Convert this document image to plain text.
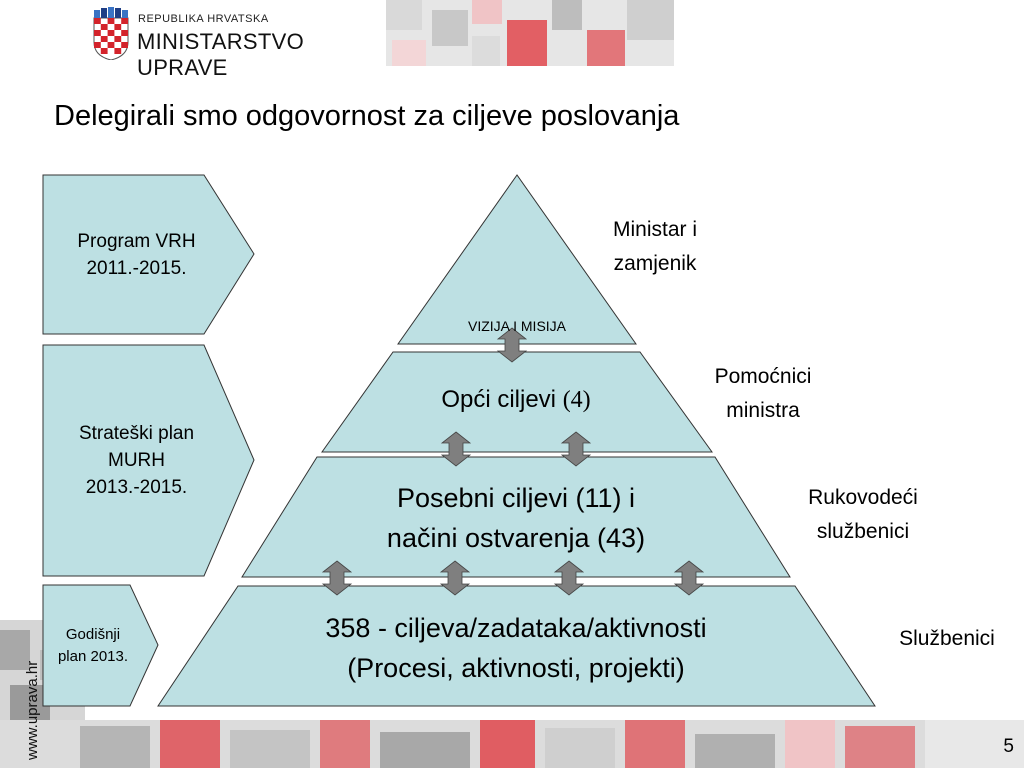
REPUBLIKA HRVATSKA
MINISTARSTVO UPRAVE
Delegirali smo odgovornost za ciljeve poslovanja
Program VRH
2011.-2015.
Strateški plan
MURH
2013.-2015.
Godišnji
plan 2013.
VIZIJA I MISIJA
Opći ciljevi (4)
Posebni ciljevi (11) i
načini ostvarenja (43)
358 - ciljeva/zadataka/aktivnosti
(Procesi, aktivnosti, projekti)
Ministar i
zamjenik
Pomoćnici
ministra
Rukovodeći
službenici
Službenici
www.uprava.hr	5
